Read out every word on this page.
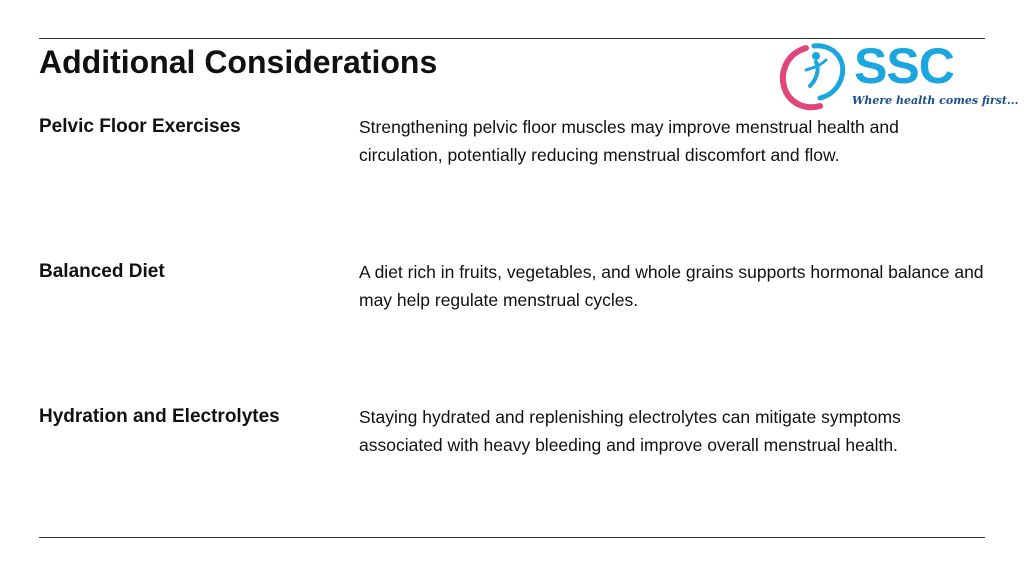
Additional Considerations	SSC
Where health comes first...
Pelvic Floor Exercises	Strengthening pelvic floor muscles may improve menstrual health and circulation, potentially reducing menstrual discomfort and flow.
Balanced Diet	A diet rich in fruits, vegetables, and whole grains supports hormonal balance and may help regulate menstrual cycles.
Hydration and Electrolytes	Staying hydrated and replenishing electrolytes can mitigate symptoms associated with heavy bleeding and improve overall menstrual health.
